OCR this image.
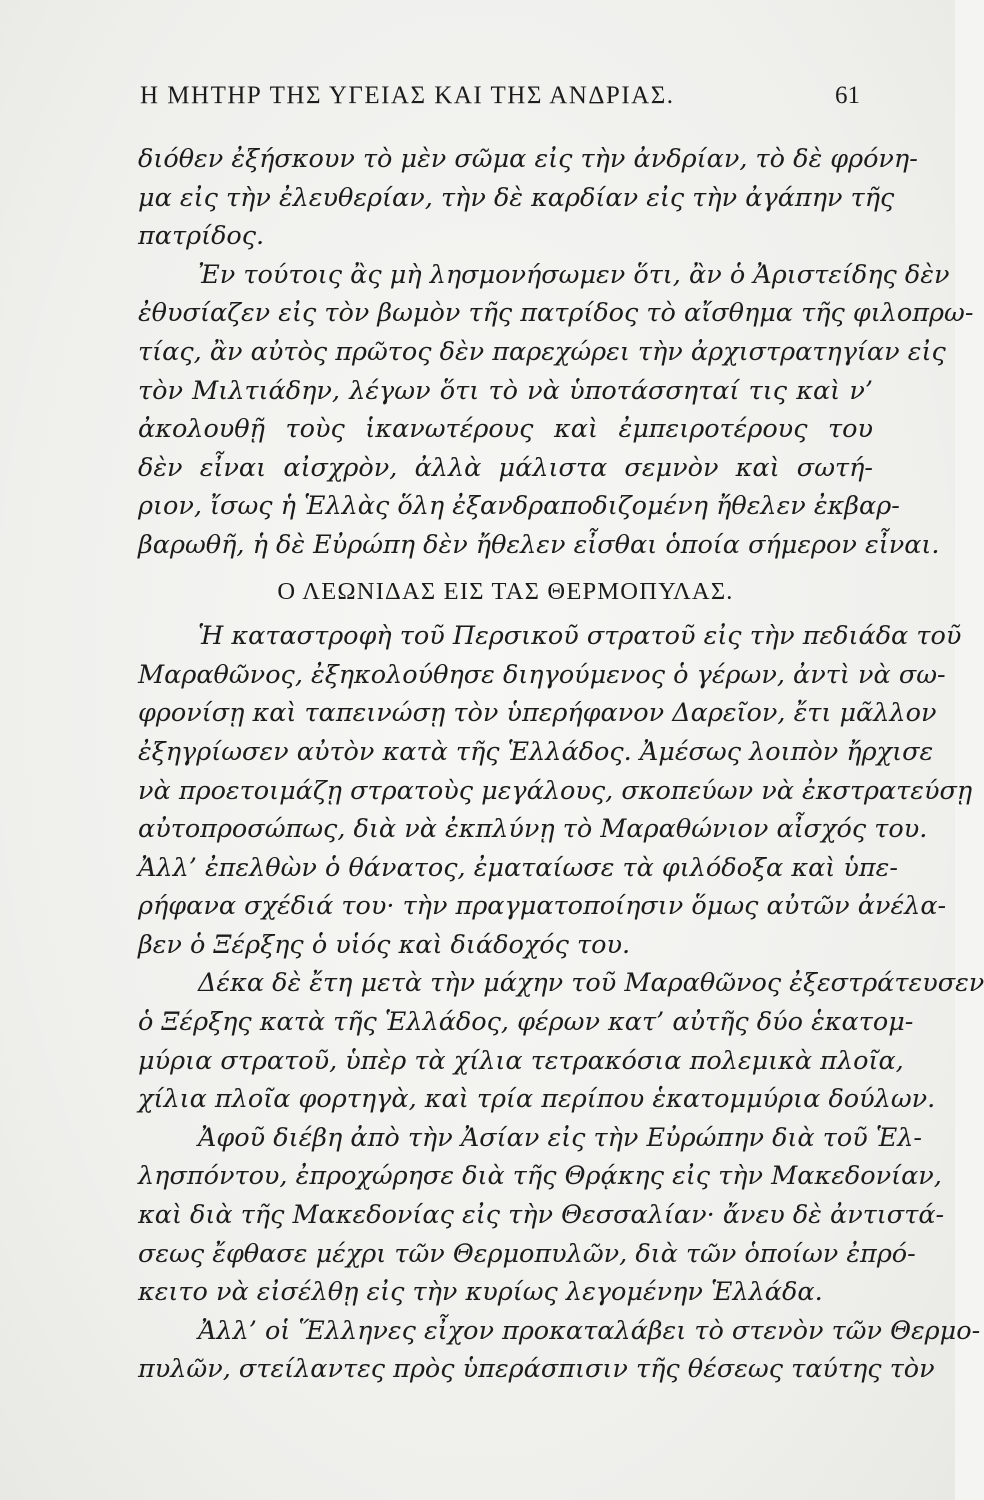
Η ΜΗΤΗΡ ΤΗΣ ΥΓΕΙΑΣ ΚΑΙ ΤΗΣ ΑΝΔΡΙΑΣ.	61
διόθεν ἐξήσκουν τὸ μὲν σῶμα εἰς τὴν ἀνδρίαν, τὸ δὲ φρόνη-
μα εἰς τὴν ἐλευθερίαν, τὴν δὲ καρδίαν εἰς τὴν ἀγάπην τῆς
πατρίδος.
Ἐν τούτοις ἂς μὴ λησμονήσωμεν ὅτι, ἂν ὁ Ἀριστείδης δὲν
ἐθυσίαζεν εἰς τὸν βωμὸν τῆς πατρίδος τὸ αἴσθημα τῆς φιλοπρω-
τίας, ἂν αὐτὸς πρῶτος δὲν παρεχώρει τὴν ἀρχιστρατηγίαν εἰς
τὸν Μιλτιάδην, λέγων ὅτι τὸ νὰ ὑποτάσσηταί τις καὶ ν’
ἀκολουθῇ τοὺς ἱκανωτέρους καὶ ἐμπειροτέρους του
δὲν εἶναι αἰσχρὸν, ἀλλὰ μάλιστα σεμνὸν καὶ σωτή-
ριον, ἴσως ἡ Ἑλλὰς ὅλη ἐξανδραποδιζομένη ἤθελεν ἐκβαρ-
βαρωθῆ, ἡ δὲ Εὐρώπη δὲν ἤθελεν εἶσθαι ὁποία σήμερον εἶναι.
Ο ΛΕΩΝΙΔΑΣ ΕΙΣ ΤΑΣ ΘΕΡΜΟΠΥΛΑΣ.
Ἡ καταστροφὴ τοῦ Περσικοῦ στρατοῦ εἰς τὴν πεδιάδα τοῦ
Μαραθῶνος, ἐξηκολούθησε διηγούμενος ὁ γέρων, ἀντὶ νὰ σω-
φρονίσῃ καὶ ταπεινώσῃ τὸν ὑπερήφανον Δαρεῖον, ἔτι μᾶλλον
ἐξηγρίωσεν αὐτὸν κατὰ τῆς Ἑλλάδος. Ἀμέσως λοιπὸν ἤρχισε
νὰ προετοιμάζῃ στρατοὺς μεγάλους, σκοπεύων νὰ ἐκστρατεύσῃ
αὐτοπροσώπως, διὰ νὰ ἐκπλύνῃ τὸ Μαραθώνιον αἶσχός του.
Ἀλλ’ ἐπελθὼν ὁ θάνατος, ἐματαίωσε τὰ φιλόδοξα καὶ ὑπε-
ρήφανα σχέδιά του· τὴν πραγματοποίησιν ὅμως αὐτῶν ἀνέλα-
βεν ὁ Ξέρξης ὁ υἱός καὶ διάδοχός του.
Δέκα δὲ ἔτη μετὰ τὴν μάχην τοῦ Μαραθῶνος ἐξεστράτευσεν
ὁ Ξέρξης κατὰ τῆς Ἑλλάδος, φέρων κατ’ αὐτῆς δύο ἑκατομ-
μύρια στρατοῦ, ὑπὲρ τὰ χίλια τετρακόσια πολεμικὰ πλοῖα,
χίλια πλοῖα φορτηγὰ, καὶ τρία περίπου ἑκατομμύρια δούλων.
Ἀφοῦ διέβη ἀπὸ τὴν Ἀσίαν εἰς τὴν Εὐρώπην διὰ τοῦ Ἑλ-
λησπόντου, ἐπροχώρησε διὰ τῆς Θρᾴκης εἰς τὴν Μακεδονίαν,
καὶ διὰ τῆς Μακεδονίας εἰς τὴν Θεσσαλίαν· ἄνευ δὲ ἀντιστά-
σεως ἔφθασε μέχρι τῶν Θερμοπυλῶν, διὰ τῶν ὁποίων ἐπρό-
κειτο νὰ εἰσέλθῃ εἰς τὴν κυρίως λεγομένην Ἑλλάδα.
Ἀλλ’ οἱ Ἕλληνες εἶχον προκαταλάβει τὸ στενὸν τῶν Θερμο-
πυλῶν, στείλαντες πρὸς ὑπεράσπισιν τῆς θέσεως ταύτης τὸν
